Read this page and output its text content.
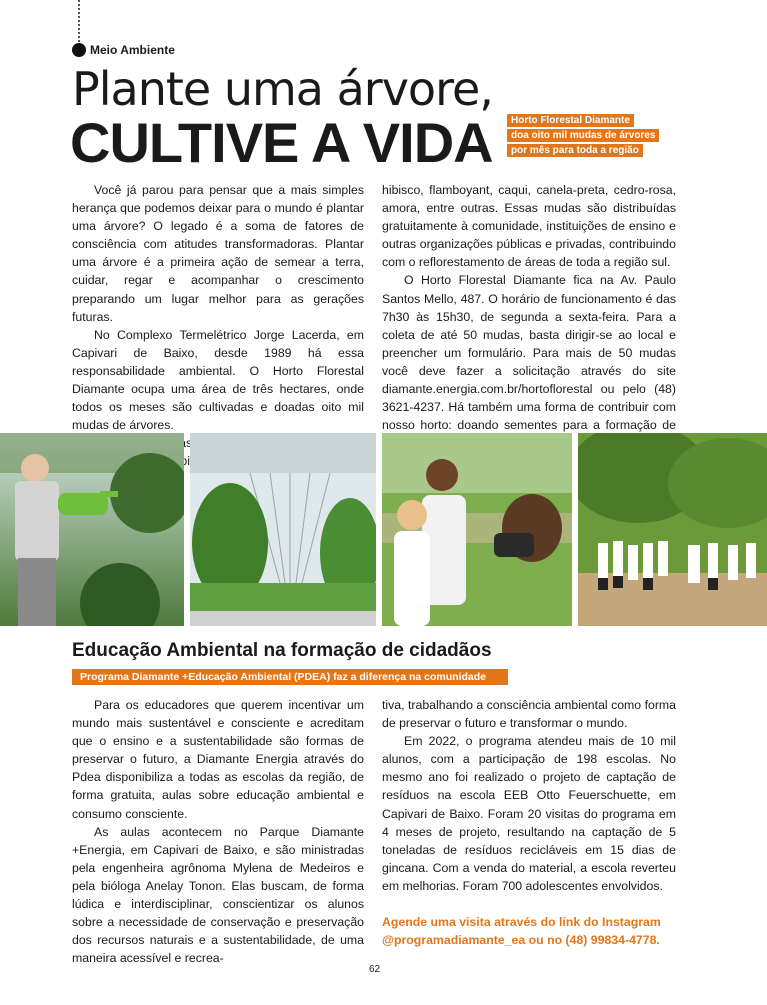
Meio Ambiente
Plante uma árvore,
CULTIVE A VIDA	Horto Florestal Diamante
doa oito mil mudas de árvores
por mês para toda a região

Você já parou para pensar que a mais simples herança que podemos deixar para o mundo é plantar uma árvore? O legado é a soma de fatores de consciência com atitudes transformadoras. Plantar uma árvore é a primeira ação de semear a terra, cuidar, regar e acompanhar o crescimento preparando um lugar melhor para as gerações futuras.

No Complexo Termelétrico Jorge Lacerda, em Capivari de Baixo, desde 1989 há essa responsabilidade ambiental. O Horto Florestal Diamante ocupa uma área de três hectares, onde todos os meses são cultivadas e doadas oito mil mudas de árvores.

as

hibisco, flamboyant, caqui, canela-preta, cedro-rosa, amora, entre outras. Essas mudas são distribuídas gratuitamente à comunidade, instituições de ensino e outras organizações públicas e privadas, contribuindo com o reflorestamento de áreas de toda a região sul.

O Horto Florestal Diamante fica na Av. Paulo Santos Mello, 487. O horário de funcionamento é das 7h30 às 15h30, de segunda a sexta-feira. Para a coleta de até 50 mudas, basta dirigir-se ao local e preencher um formulário. Para mais de 50 mudas você deve fazer a solicitação através do site diamante.energia.com.br/hortoflorestal ou pelo (48) 3621-4237. Há também uma forma de contribuir com nosso horto: doando sementes para a formação de

Educação Ambiental na formação de cidadãos
Programa Diamante +Educação Ambiental (PDEA) faz a diferença na comunidade

Para os educadores que querem incentivar um mundo mais sustentável e consciente e acreditam que o ensino e a sustentabilidade são formas de preservar o futuro, a Diamante Energia através do Pdea disponibiliza a todas as escolas da região, de forma gratuita, aulas sobre educação ambiental e consumo consciente.

As aulas acontecem no Parque Diamante +Energia, em Capivari de Baixo, e são ministradas pela engenheira agrônoma Mylena de Medeiros e pela bióloga Anelay Tonon. Elas buscam, de forma lúdica e interdisciplinar, conscientizar os alunos sobre a necessidade de conservação e preservação dos recursos naturais e a sustentabilidade, de uma maneira acessível e recrea-

tiva, trabalhando a consciência ambiental como forma de preservar o futuro e transformar o mundo.

Em 2022, o programa atendeu mais de 10 mil alunos, com a participação de 198 escolas. No mesmo ano foi realizado o projeto de captação de resíduos na escola EEB Otto Feuerschuette, em Capivari de Baixo. Foram 20 visitas do programa em 4 meses de projeto, resultando na captação de 5 toneladas de resíduos recicláveis em 15 dias de gincana. Com a venda do material, a escola reverteu em melhorias. Foram 700 adolescentes envolvidos.

Agende uma visita através do link do Instagram @programadiamante_ea ou no (48) 99834-4778.

62
